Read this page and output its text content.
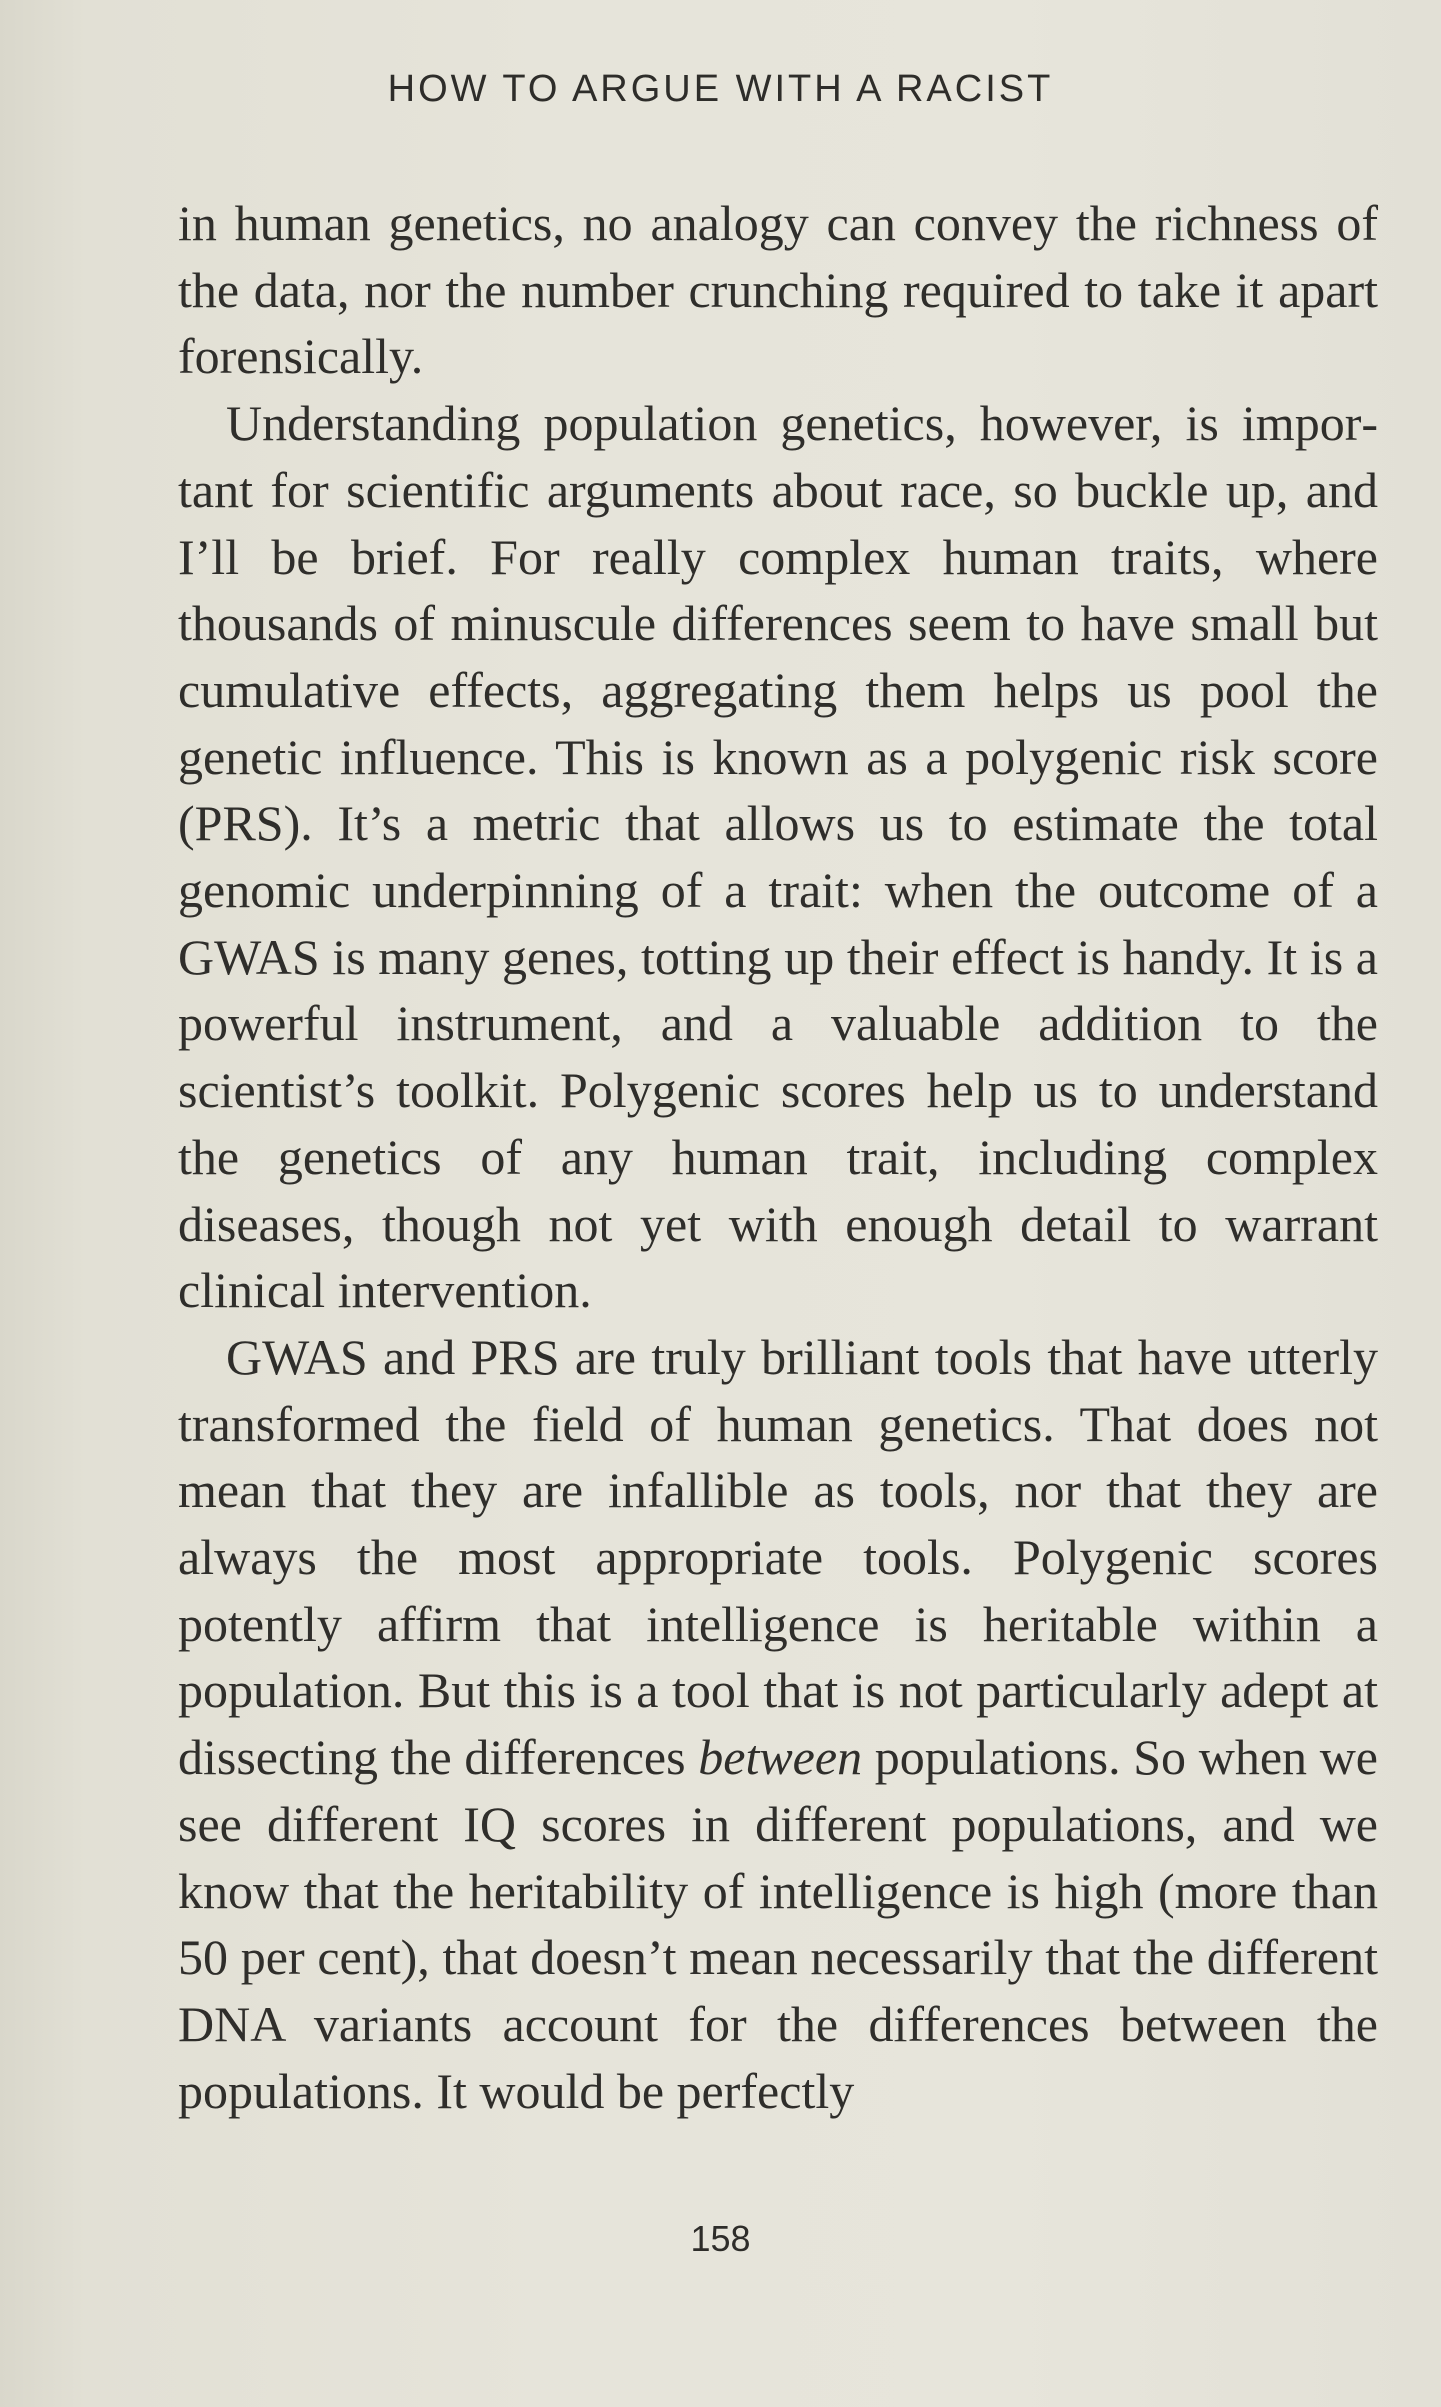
HOW TO ARGUE WITH A RACIST

in human genetics, no analogy can convey the richness of the data, nor the number crunching required to take it apart forensically.

Understanding population genetics, however, is important for scientific arguments about race, so buckle up, and I’ll be brief. For really complex human traits, where thousands of minuscule differences seem to have small but cumulative effects, aggregating them helps us pool the genetic influence. This is known as a polygenic risk score (PRS). It’s a metric that allows us to estimate the total genomic underpinning of a trait: when the outcome of a GWAS is many genes, totting up their effect is handy. It is a powerful instrument, and a valuable addition to the scientist’s toolkit. Polygenic scores help us to understand the genetics of any human trait, including complex diseases, though not yet with enough detail to warrant clinical intervention.

GWAS and PRS are truly brilliant tools that have utterly transformed the field of human genetics. That does not mean that they are infallible as tools, nor that they are always the most appropriate tools. Polygenic scores potently affirm that intelligence is heritable within a population. But this is a tool that is not particularly adept at dissecting the differences between populations. So when we see different IQ scores in different populations, and we know that the heritability of intelligence is high (more than 50 per cent), that doesn’t mean necessarily that the different DNA variants account for the differences between the populations. It would be perfectly

158
